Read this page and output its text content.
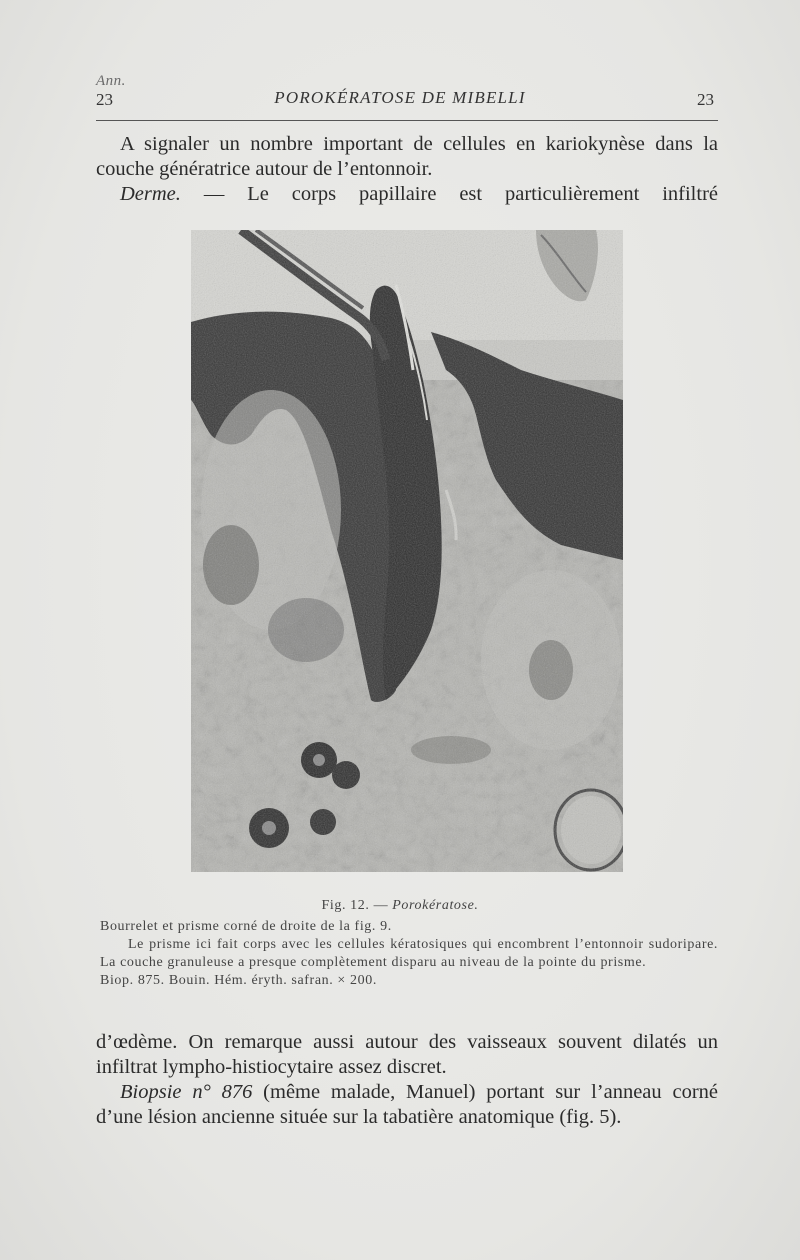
Ann.
23	POROKÉRATOSE DE MIBELLI	23

A signaler un nombre important de cellules en kariokynèse dans la couche génératrice autour de l’entonnoir.

Derme. — Le corps papillaire est particulièrement infiltré

Fig. 12. — Porokératose.

Bourrelet et prisme corné de droite de la fig. 9.

Le prisme ici fait corps avec les cellules kératosiques qui encombrent l’entonnoir sudoripare. La couche granuleuse a presque complètement disparu au niveau de la pointe du prisme.

Biop. 875. Bouin. Hém. éryth. safran. × 200.

d’œdème. On remarque aussi autour des vaisseaux souvent dilatés un infiltrat lympho-histiocytaire assez discret.

Biopsie n° 876 (même malade, Manuel) portant sur l’anneau corné d’une lésion ancienne située sur la tabatière anatomique (fig. 5).
